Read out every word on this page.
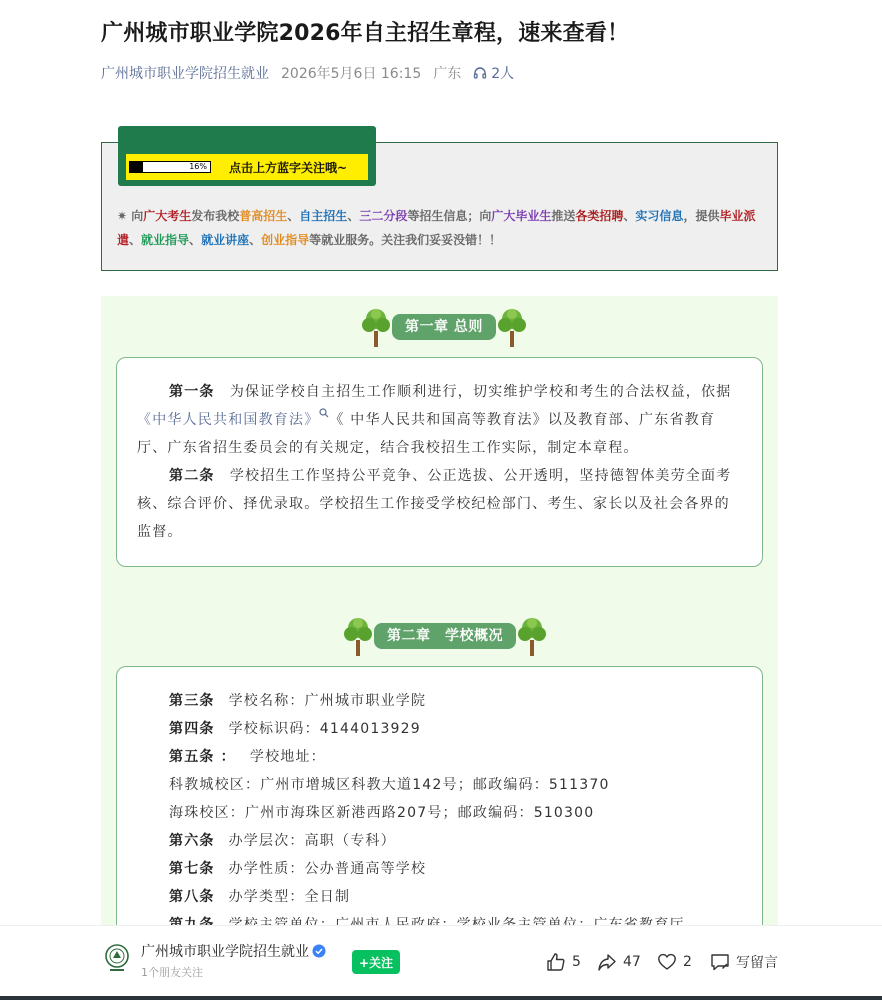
广州城市职业学院2026年自主招生章程，速来查看！
广州城市职业学院招生就业 2026年5月6日 16:15 广东 2人
16% 点击上方蓝字关注哦~
✷ 向广大考生发布我校普高招生、自主招生、三二分段等招生信息；向广大毕业生推送各类招聘、实习信息，提供毕业派遣、就业指导、就业讲座、创业指导等就业服务。关注我们妥妥没错！！
第一章 总则

第一条　 为保证学校自主招生工作顺利进行，切实维护学校和考生的合法权益，依据《中华人民共和国教育法》 《 中华人民共和国高等教育法》以及教育部、广东省教育厅、广东省招生委员会的有关规定，结合我校招生工作实际，制定本章程。

第二条　 学校招生工作坚持公平竞争、公正选拔、公开透明，坚持德智体美劳全面考核、综合评价、择优录取。学校招生工作接受学校纪检部门、考生、家长以及社会各界的监督。

第二章　学校概况
第三条 学校名称：广州城市职业学院
第四条 学校标识码：4144013929
第五条 ： 学校地址：
科教城校区：广州市增城区科教大道142号；邮政编码：511370
海珠校区：广州市海珠区新港西路207号；邮政编码：510300
第六条 办学层次：高职（专科）
第七条 办学性质：公办普通高等学校
第八条 办学类型：全日制
广州城市职业学院招生就业
1个朋友关注
+关注	5	47	2	写留言
